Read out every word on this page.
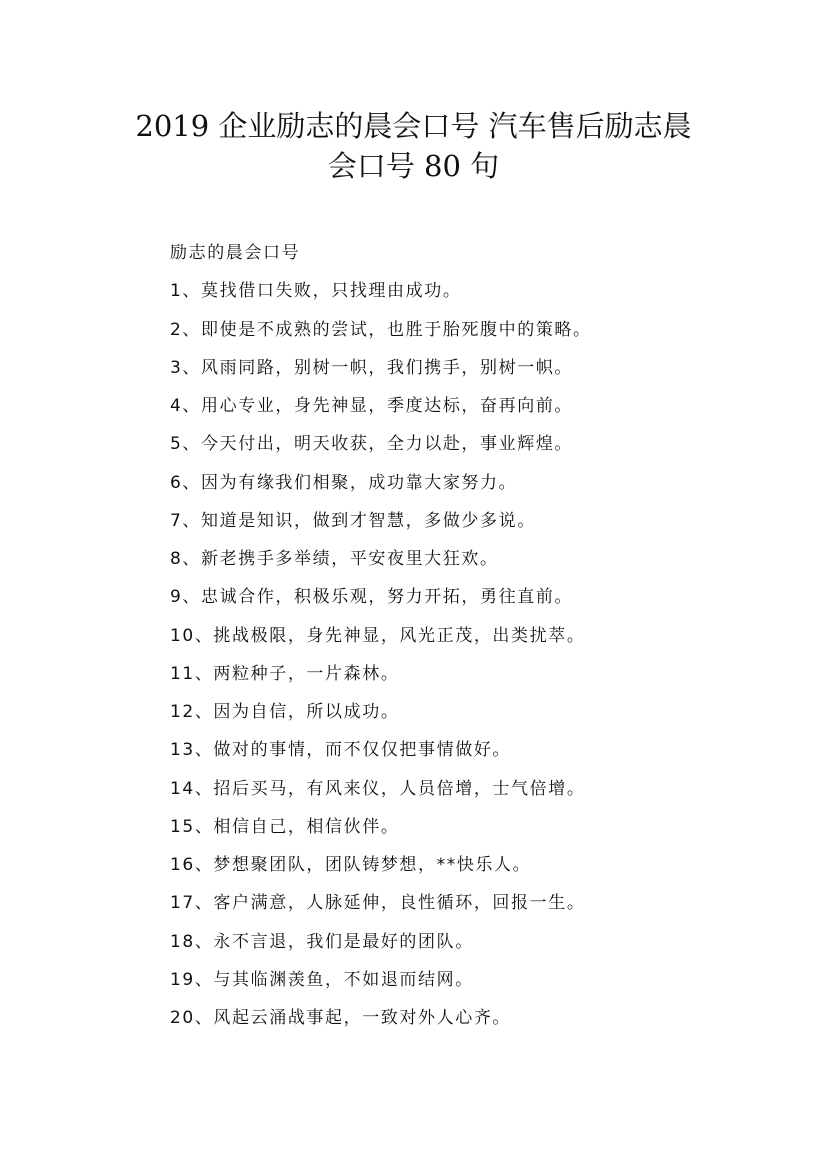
2019 企业励志的晨会口号 汽车售后励志晨
会口号 80 句
励志的晨会口号
1、莫找借口失败，只找理由成功。
2、即使是不成熟的尝试，也胜于胎死腹中的策略。
3、风雨同路，别树一帜，我们携手，别树一帜。
4、用心专业，身先神显，季度达标，奋再向前。
5、今天付出，明天收获，全力以赴，事业辉煌。
6、因为有缘我们相聚，成功靠大家努力。
7、知道是知识，做到才智慧，多做少多说。
8、新老携手多举绩，平安夜里大狂欢。
9、忠诚合作，积极乐观，努力开拓，勇往直前。
10、挑战极限，身先神显，风光正茂，出类扰萃。
11、两粒种子，一片森林。
12、因为自信，所以成功。
13、做对的事情，而不仅仅把事情做好。
14、招后买马，有风来仪，人员倍增，士气倍增。
15、相信自己，相信伙伴。
16、梦想聚团队，团队铸梦想，**快乐人。
17、客户满意，人脉延伸，良性循环，回报一生。
18、永不言退，我们是最好的团队。
19、与其临渊羡鱼，不如退而结网。
20、风起云涌战事起，一致对外人心齐。
